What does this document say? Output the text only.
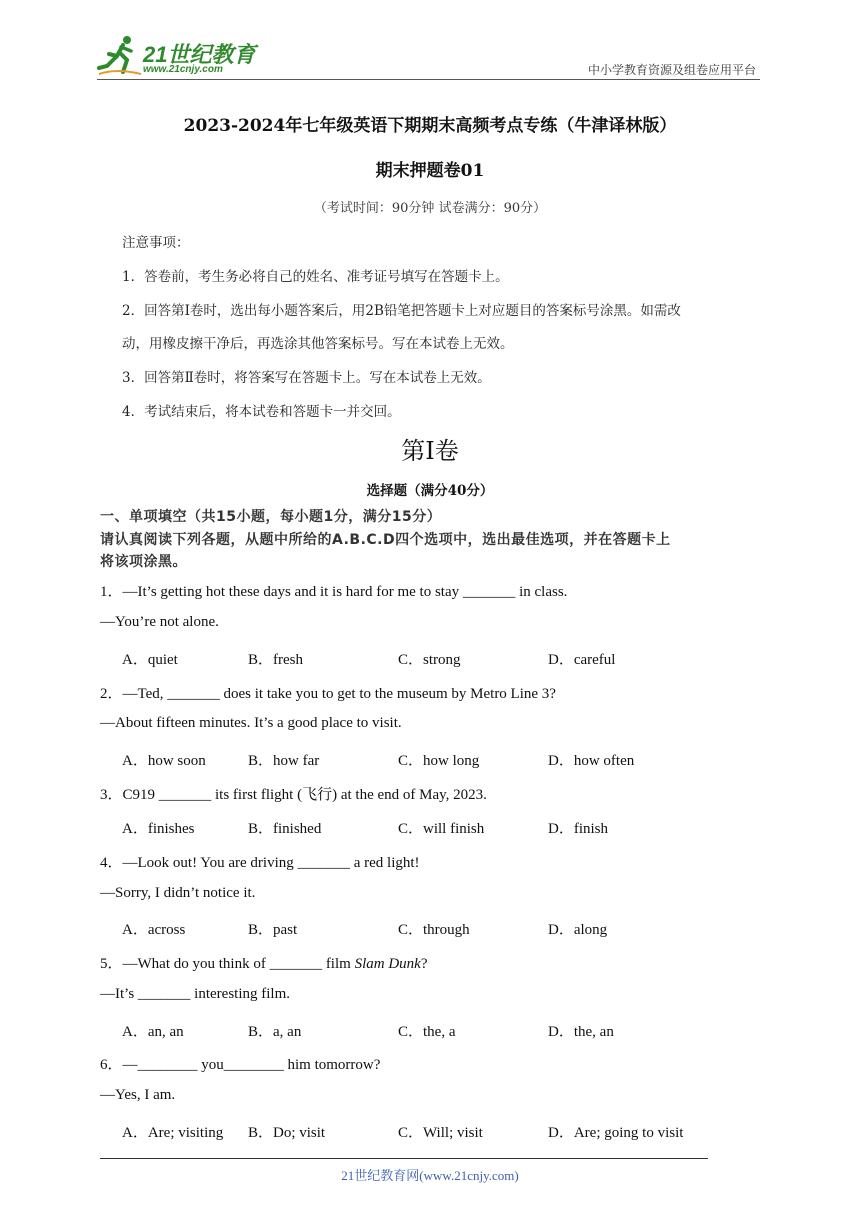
21世纪教育
www.21cnjy.com	中小学教育资源及组卷应用平台
2023-2024年七年级英语下期期末高频考点专练（牛津译林版）
期末押题卷01
（考试时间：90分钟 试卷满分：90分）
注意事项：
1．答卷前，考生务必将自己的姓名、准考证号填写在答题卡上。
2．回答第Ⅰ卷时，选出每小题答案后，用2B铅笔把答题卡上对应题目的答案标号涂黑。如需改
动，用橡皮擦干净后，再选涂其他答案标号。写在本试卷上无效。
3．回答第Ⅱ卷时，将答案写在答题卡上。写在本试卷上无效。
4．考试结束后，将本试卷和答题卡一并交回。
第Ⅰ卷
选择题（满分40分）
一、单项填空（共15小题，每小题1分，满分15分）
请认真阅读下列各题，从题中所给的A.B.C.D四个选项中，选出最佳选项，并在答题卡上
将该项涂黑。
1．—It’s getting hot these days and it is hard for me to stay _______ in class.
—You’re not alone.
A．quiet	B．fresh	C．strong	D．careful
2．—Ted, _______ does it take you to get to the museum by Metro Line 3?
—About fifteen minutes. It’s a good place to visit.
A．how soon	B．how far	C．how long	D．how often
3．C919 _______ its first flight (飞行) at the end of May, 2023.
A．finishes	B．finished	C．will finish	D．finish
4．—Look out! You are driving _______ a red light!
—Sorry, I didn’t notice it.
A．across	B．past	C．through	D．along
5．—What do you think of _______ film Slam Dunk?
—It’s _______ interesting film.
A．an, an	B．a, an	C．the, a	D．the, an
6．—________ you________ him tomorrow?
—Yes, I am.
A．Are; visiting B．Do; visit	C．Will; visit	D．Are; going to visit
21世纪教育网(www.21cnjy.com)
